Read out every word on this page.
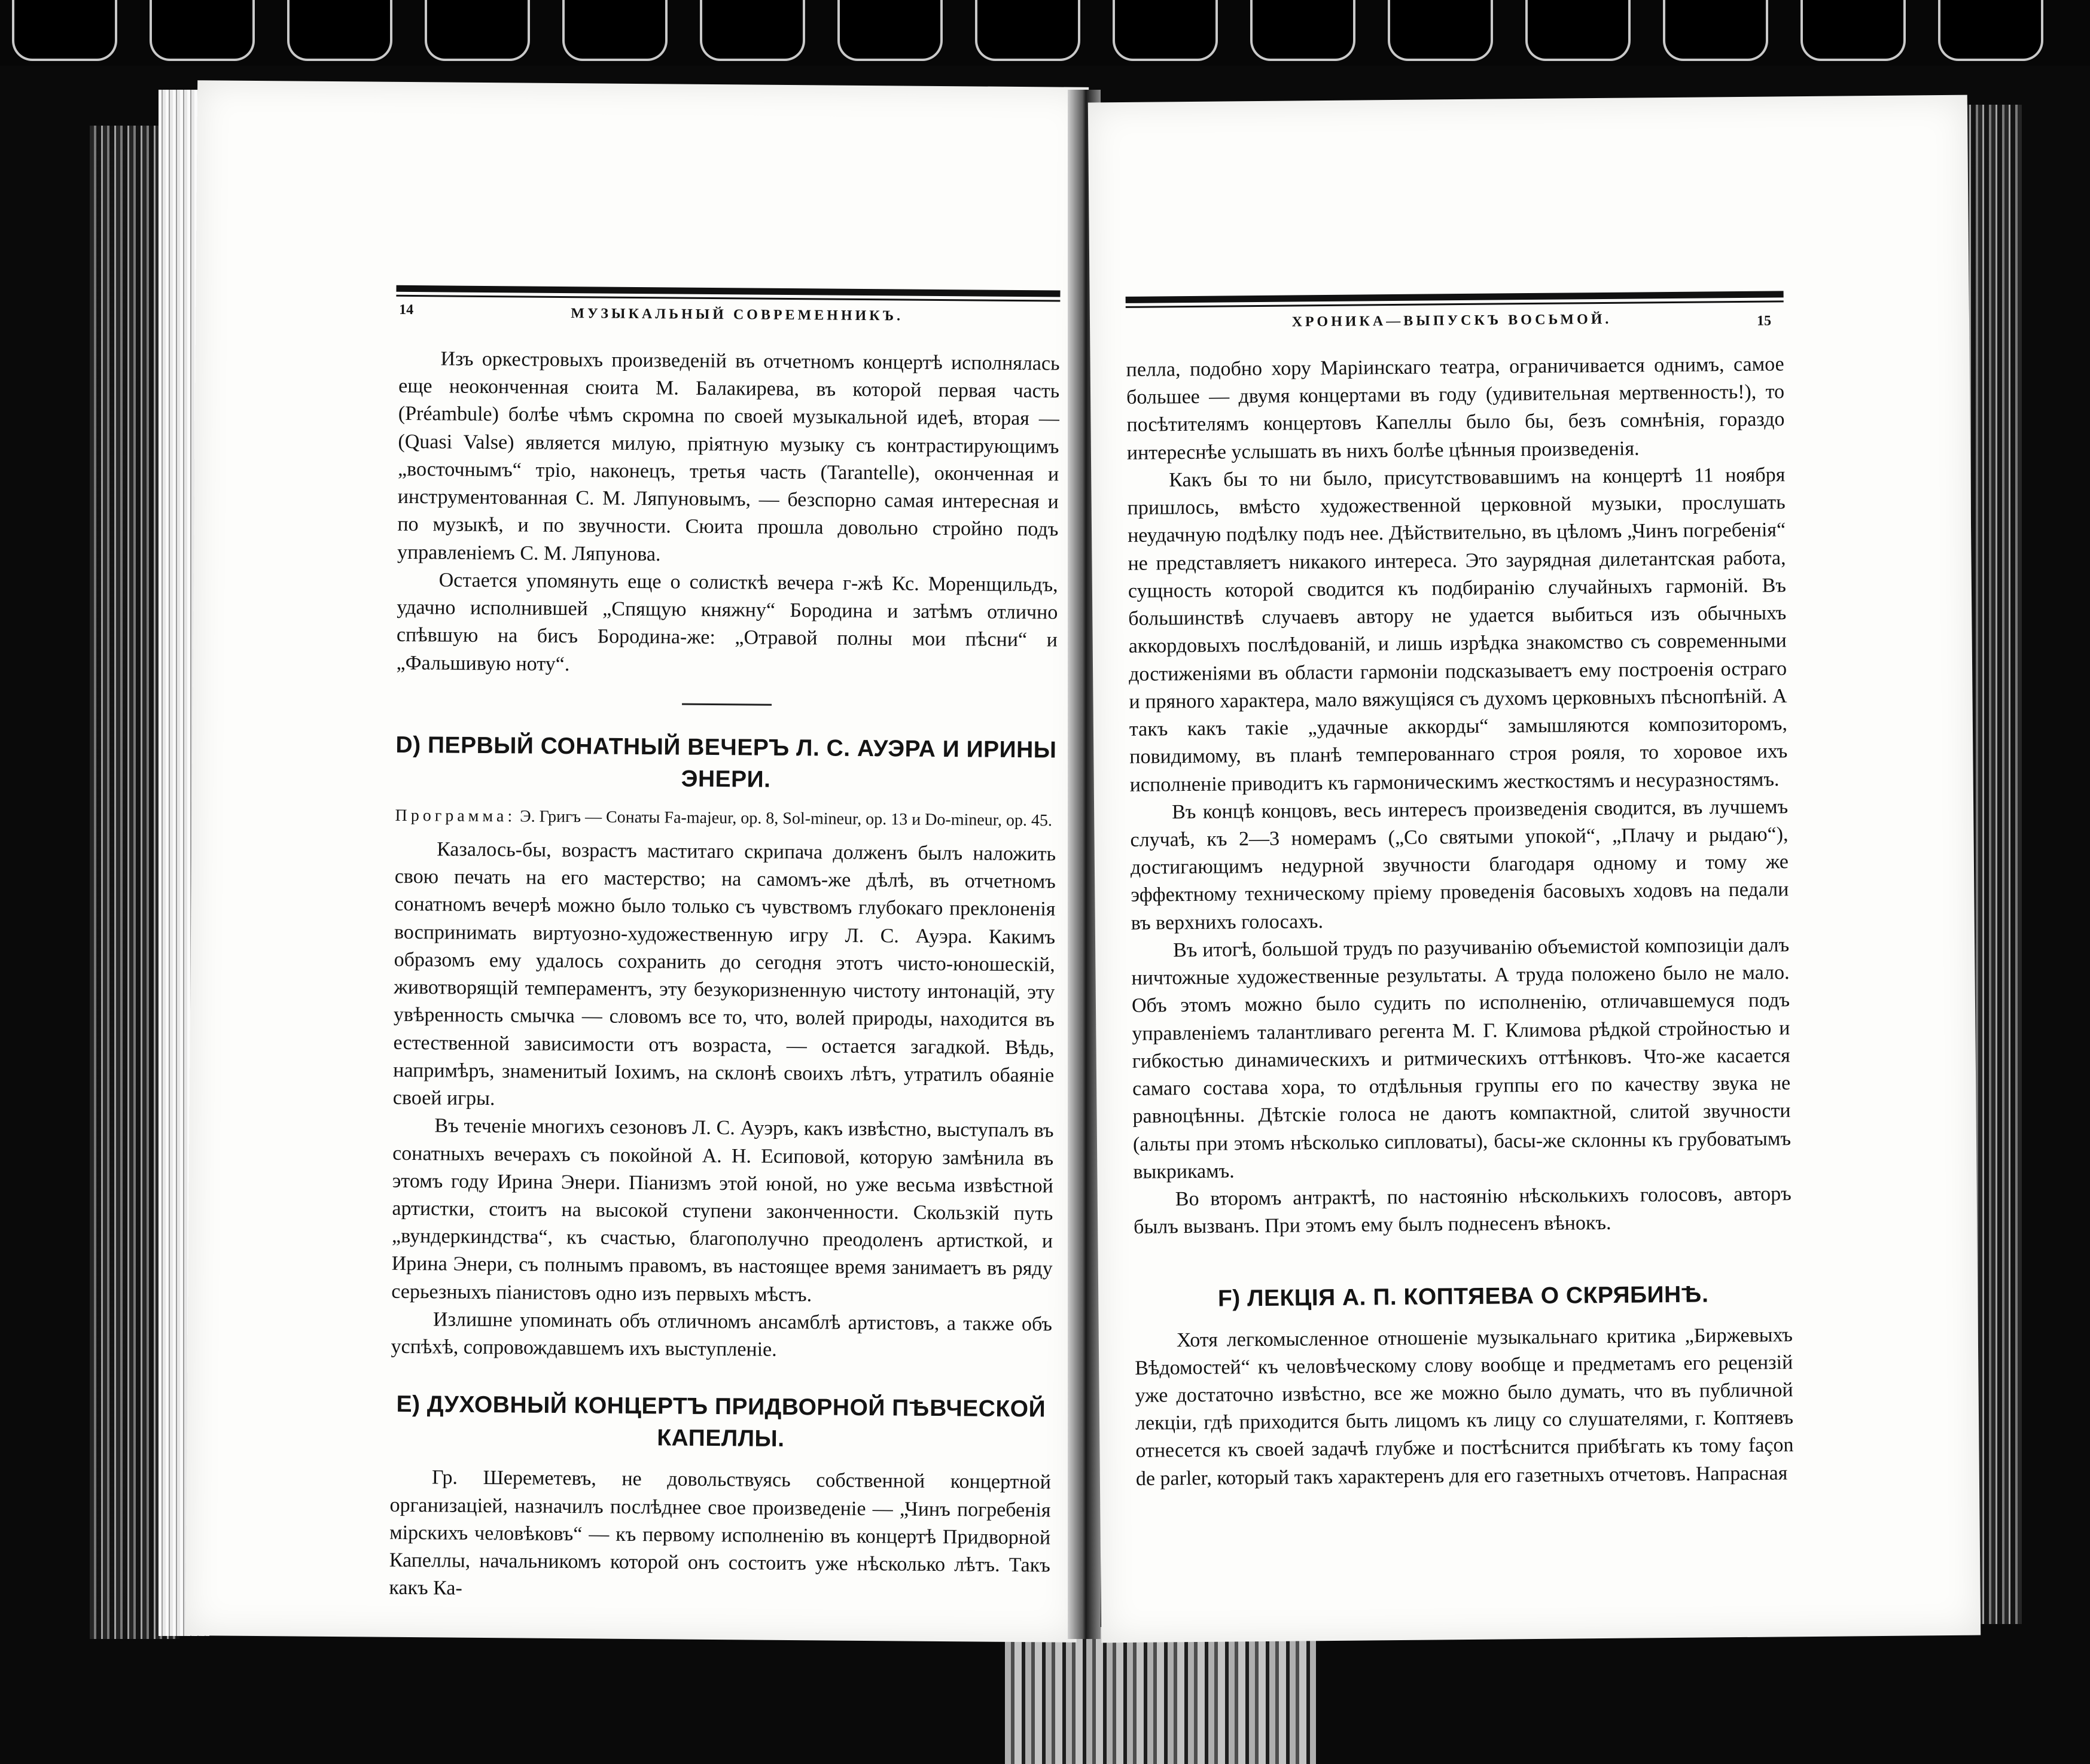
14	МУЗЫКАЛЬНЫЙ СОВРЕМЕННИКЪ.

Изъ оркестровыхъ произведенiй въ отчетномъ концертѣ исполнялась еще неоконченная сюита М. Балакирева, въ которой первая часть (Préambule) болѣе чѣмъ скромна по своей музыкальной идеѣ, вторая — (Quasi Valse) является милую, прiятную музыку съ контрастирующимъ „восточнымъ“ трiо, наконецъ, третья часть (Tarantelle), оконченная и инструментованная С. М. Ляпуновымъ, — безспорно самая интересная и по музыкѣ, и по звучности. Сюита прошла довольно стройно подъ управленiемъ С. М. Ляпунова.

Остается упомянуть еще о солисткѣ вечера г-жѣ Кс. Моренщильдъ, удачно исполнившей „Спящую княжну“ Бородина и затѣмъ отлично спѣвшую на бисъ Бородина-же: „Отравой полны мои пѣсни“ и „Фальшивую ноту“.

D) ПЕРВЫЙ СОНАТНЫЙ ВЕЧЕРЪ Л. С. АУЭРА И ИРИНЫ ЭНЕРИ.

Программа: Э. Григъ — Сонаты Fa-majeur, op. 8, Sol-mineur, op. 13 и Do-mineur, op. 45.

Казалось-бы, возрастъ маститаго скрипача долженъ былъ наложить свою печать на его мастерство; на самомъ-же дѣлѣ, въ отчетномъ сонатномъ вечерѣ можно было только съ чувствомъ глубокаго преклоненiя воспринимать виртуозно-художественную игру Л. С. Ауэра. Какимъ образомъ ему удалось сохранить до сегодня этотъ чисто-юношескiй, животворящiй темпераментъ, эту безукоризненную чистоту интонацiй, эту увѣренность смычка — словомъ все то, что, волей природы, находится въ естественной зависимости отъ возраста, — остается загадкой. Вѣдь, напримѣръ, знаменитый Iохимъ, на склонѣ своихъ лѣтъ, утратилъ обаянiе своей игры.

Въ теченiе многихъ сезоновъ Л. С. Ауэръ, какъ извѣстно, выступалъ въ сонатныхъ вечерахъ съ покойной А. Н. Есиповой, которую замѣнила въ этомъ году Ирина Энери. Пiанизмъ этой юной, но уже весьма извѣстной артистки, стоитъ на высокой ступени законченности. Скользкiй путь „вундеркиндства“, къ счастью, благополучно преодоленъ артисткой, и Ирина Энери, съ полнымъ правомъ, въ настоящее время занимаетъ въ ряду серьезныхъ пiанистовъ одно изъ первыхъ мѣстъ.

Излишне упоминать объ отличномъ ансамблѣ артистовъ, а также объ успѣхѣ, сопровождавшемъ ихъ выступленiе.

E) ДУХОВНЫЙ КОНЦЕРТЪ ПРИДВОРНОЙ ПѢВЧЕСКОЙ КАПЕЛЛЫ.

Гр. Шереметевъ, не довольствуясь собственной концертной организацiей, назначилъ послѣднее свое произведенiе — „Чинъ погребенiя мiрскихъ человѣковъ“ — къ первому исполненiю въ концертѣ Придворной Капеллы, начальникомъ которой онъ состоитъ уже нѣсколько лѣтъ. Такъ какъ Ка-

ХРОНИКА—ВЫПУСКЪ ВОСЬМОЙ.	15

пелла, подобно хору Марiинскаго театра, ограничивается однимъ, самое большее — двумя концертами въ году (удивительная мертвенность!), то посѣтителямъ концертовъ Капеллы было бы, безъ сомнѣнiя, гораздо интереснѣе услышать въ нихъ болѣе цѣнныя произведенiя.

Какъ бы то ни было, присутствовавшимъ на концертѣ 11 ноября пришлось, вмѣсто художественной церковной музыки, прослушать неудачную подѣлку подъ нее. Дѣйствительно, въ цѣломъ „Чинъ погребенiя“ не представляетъ никакого интереса. Это заурядная дилетантская работа, сущность которой сводится къ подбиранiю случайныхъ гармонiй. Въ большинствѣ случаевъ автору не удается выбиться изъ обычныхъ аккордовыхъ послѣдованiй, и лишь изрѣдка знакомство съ современными достиженiями въ области гармонiи подсказываетъ ему построенiя остраго и пряного характера, мало вяжущiяся съ духомъ церковныхъ пѣснопѣнiй. А такъ какъ такiе „удачные аккорды“ замышляются композиторомъ, повидимому, въ планѣ темперованнаго строя рояля, то хоровое ихъ исполненiе приводитъ къ гармоническимъ жесткостямъ и несуразностямъ.

Въ концѣ концовъ, весь интересъ произведенiя сводится, въ лучшемъ случаѣ, къ 2—3 номерамъ („Со святыми упокой“, „Плачу и рыдаю“), достигающимъ недурной звучности благодаря одному и тому же эффектному техническому прiему проведенiя басовыхъ ходовъ на педали въ верхнихъ голосахъ.

Въ итогѣ, большой трудъ по разучиванiю объемистой композицiи далъ ничтожные художественные результаты. А труда положено было не мало. Объ этомъ можно было судить по исполненiю, отличавшемуся подъ управленiемъ талантливаго регента М. Г. Климова рѣдкой стройностью и гибкостью динамическихъ и ритмическихъ оттѣнковъ. Что-же касается самаго состава хора, то отдѣльныя группы его по качеству звука не равноцѣнны. Дѣтскiе голоса не даютъ компактной, слитой звучности (альты при этомъ нѣсколько сипловаты), басы-же склонны къ грубоватымъ выкрикамъ.

Во второмъ антрактѣ, по настоянiю нѣсколькихъ голосовъ, авторъ былъ вызванъ. При этомъ ему былъ поднесенъ вѣнокъ.

F) ЛЕКЦIЯ А. П. КОПТЯЕВА О СКРЯБИНѢ.

Хотя легкомысленное отношенiе музыкальнаго критика „Биржевыхъ Вѣдомостей“ къ человѣческому слову вообще и предметамъ его рецензiй уже достаточно извѣстно, все же можно было думать, что въ публичной лекцiи, гдѣ приходится быть лицомъ къ лицу со слушателями, г. Коптяевъ отнесется къ своей задачѣ глубже и постѣснится прибѣгать къ тому façon de parler, который такъ характеренъ для его газетныхъ отчетовъ. Напрасная
